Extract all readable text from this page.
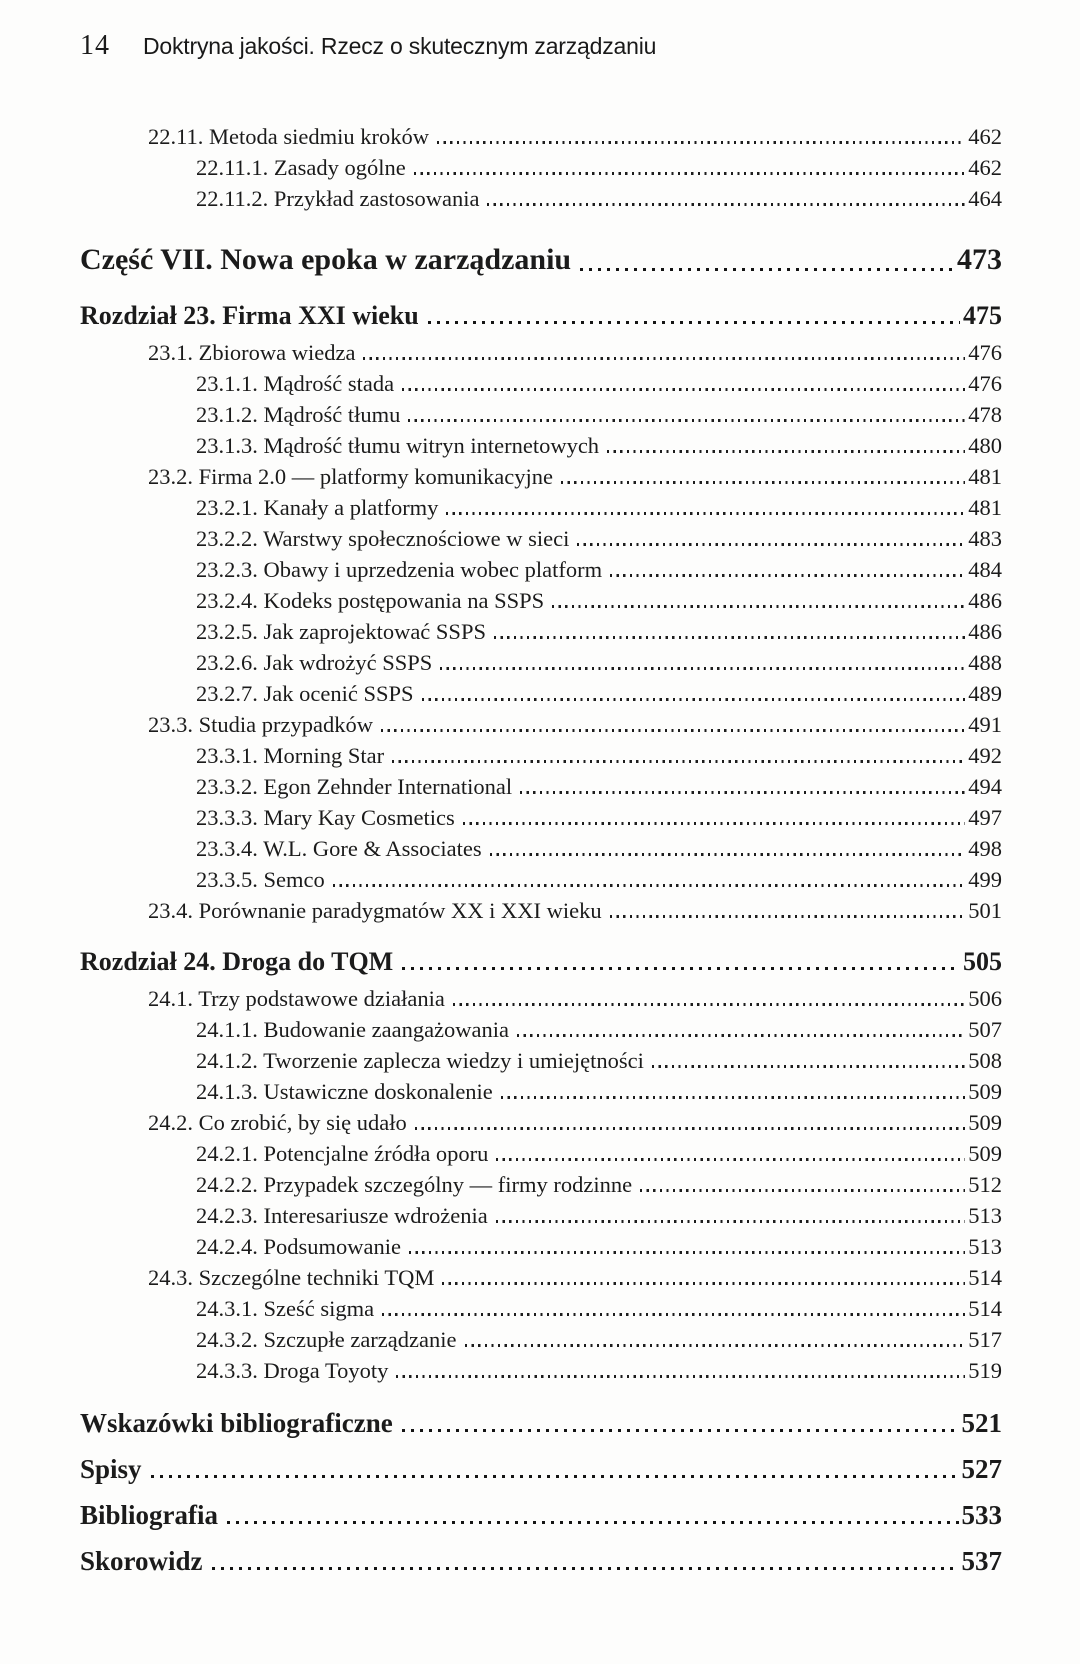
14 Doktryna jakości. Rzecz o skutecznym zarządzaniu
22.11. Metoda siedmiu kroków	462
22.11.1. Zasady ogólne	462
22.11.2. Przykład zastosowania	464
Część VII. Nowa epoka w zarządzaniu	473
Rozdział 23. Firma XXI wieku	475
23.1. Zbiorowa wiedza	476
23.1.1. Mądrość stada	476
23.1.2. Mądrość tłumu	478
23.1.3. Mądrość tłumu witryn internetowych	480
23.2. Firma 2.0 — platformy komunikacyjne	481
23.2.1. Kanały a platformy	481
23.2.2. Warstwy społecznościowe w sieci	483
23.2.3. Obawy i uprzedzenia wobec platform	484
23.2.4. Kodeks postępowania na SSPS	486
23.2.5. Jak zaprojektować SSPS	486
23.2.6. Jak wdrożyć SSPS	488
23.2.7. Jak ocenić SSPS	489
23.3. Studia przypadków	491
23.3.1. Morning Star	492
23.3.2. Egon Zehnder International	494
23.3.3. Mary Kay Cosmetics	497
23.3.4. W.L. Gore & Associates	498
23.3.5. Semco	499
23.4. Porównanie paradygmatów XX i XXI wieku	501
Rozdział 24. Droga do TQM	505
24.1. Trzy podstawowe działania	506
24.1.1. Budowanie zaangażowania	507
24.1.2. Tworzenie zaplecza wiedzy i umiejętności	508
24.1.3. Ustawiczne doskonalenie	509
24.2. Co zrobić, by się udało	509
24.2.1. Potencjalne źródła oporu	509
24.2.2. Przypadek szczególny — firmy rodzinne	512
24.2.3. Interesariusze wdrożenia	513
24.2.4. Podsumowanie	513
24.3. Szczególne techniki TQM	514
24.3.1. Sześć sigma	514
24.3.2. Szczupłe zarządzanie	517
24.3.3. Droga Toyoty	519
Wskazówki bibliograficzne	521
Spisy	527
Bibliografia	533
Skorowidz	537
